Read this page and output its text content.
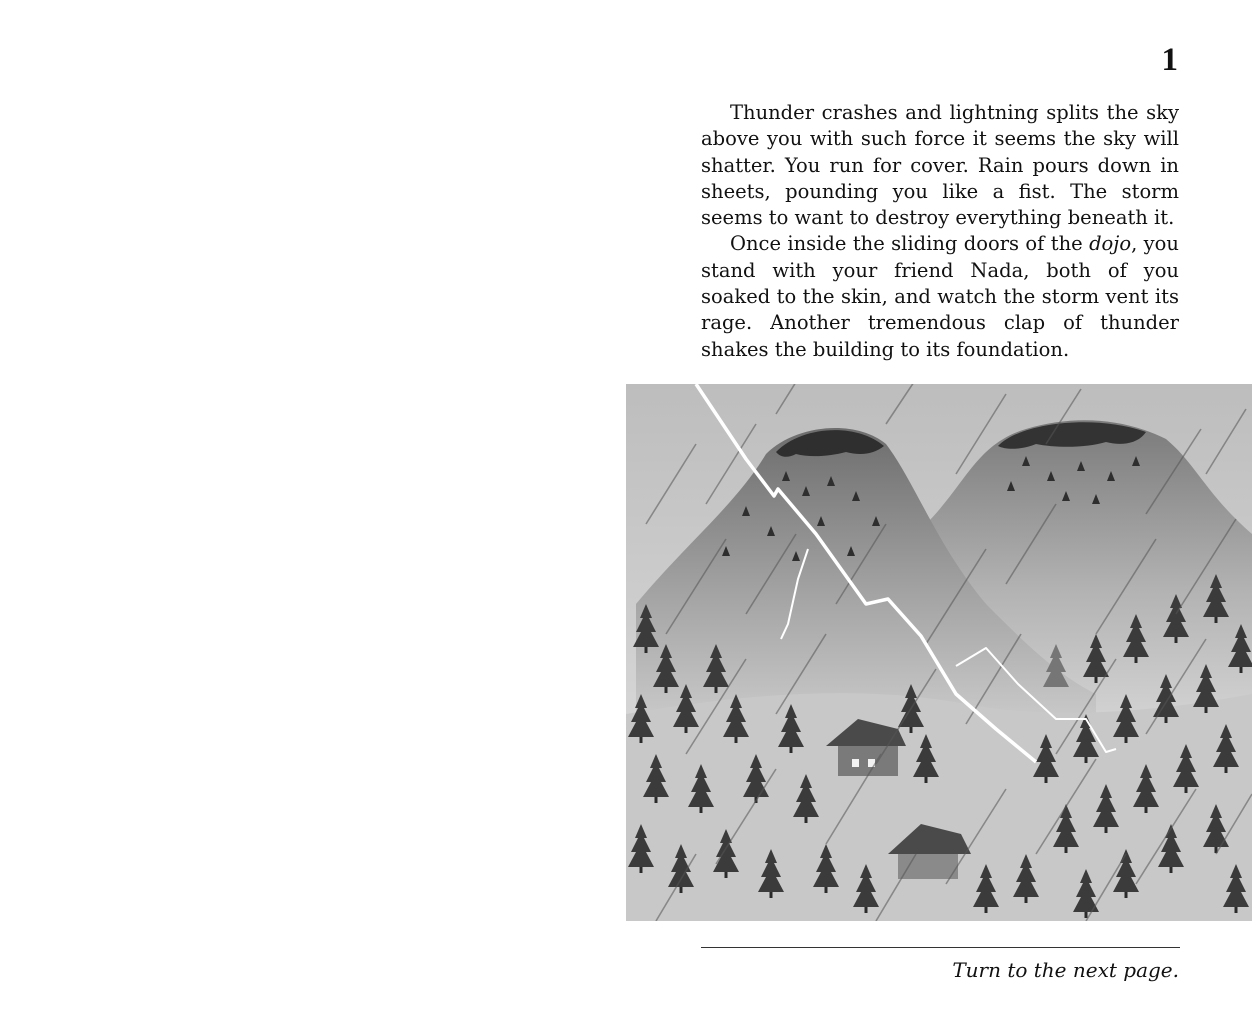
1

Thunder crashes and lightning splits the sky above you with such force it seems the sky will shatter. You run for cover. Rain pours down in sheets, pounding you like a fist. The storm seems to want to destroy everything beneath it.

Once inside the sliding doors of the dojo, you stand with your friend Nada, both of you soaked to the skin, and watch the storm vent its rage. Another tremendous clap of thunder shakes the building to its foundation.

Turn to the next page.
